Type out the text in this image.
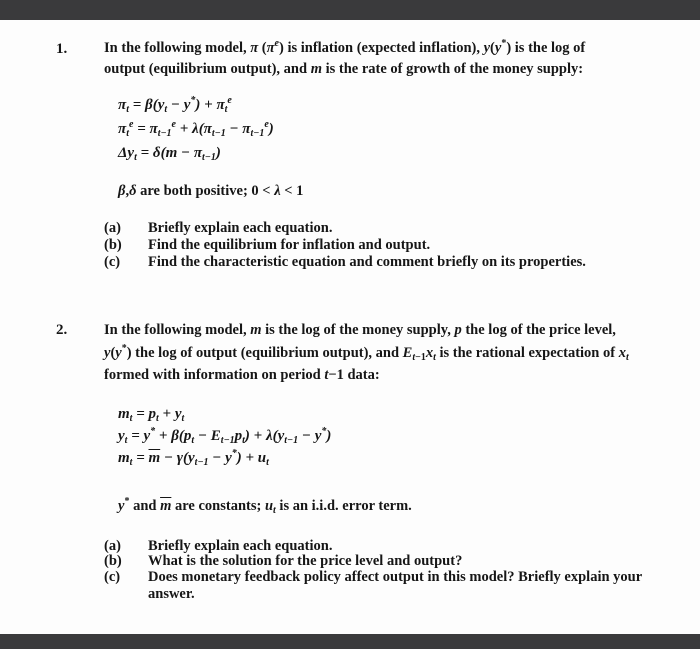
1.	In the following model, π $(\pi^e)$ is inflation (expected inflation), y(y*) is the log of
output (equilibrium output), and m is the rate of growth of the money supply:
$\pi_t = \beta(y_t - y^*) + \pi_t^e$
$\pi_t^e = \pi_{t-1}^e + \lambda(\pi_{t-1} - \pi_{t-1}^e)$
$\Delta y_t = \delta(m - \pi_{t-1})$
β,δ are both positive; 0 < λ < 1
(a) Briefly explain each equation.
(b) Find the equilibrium for inflation and output.
(c) Find the characteristic equation and comment briefly on its properties.
2.	In the following model, m is the log of the money supply, p the log of the price level,
y(y*) the log of output (equilibrium output), and $E_{t-1}x_t$ is the rational expectation of $x_t$
formed with information on period t−1 data:
$m_t = p_t + y_t$
$y_t = y^* + \beta(p_t - E_{t-1}p_t) + \lambda(y_{t-1} - y^*)$
$m_t = \overline{m} - \gamma(y_{t-1} - y^*) + u_t$
y* and $\overline{m}$ are constants; $u_t$ is an i.i.d. error term.
(a) Briefly explain each equation.
(b) What is the solution for the price level and output?
(c) Does monetary feedback policy affect output in this model? Briefly explain your
answer.
